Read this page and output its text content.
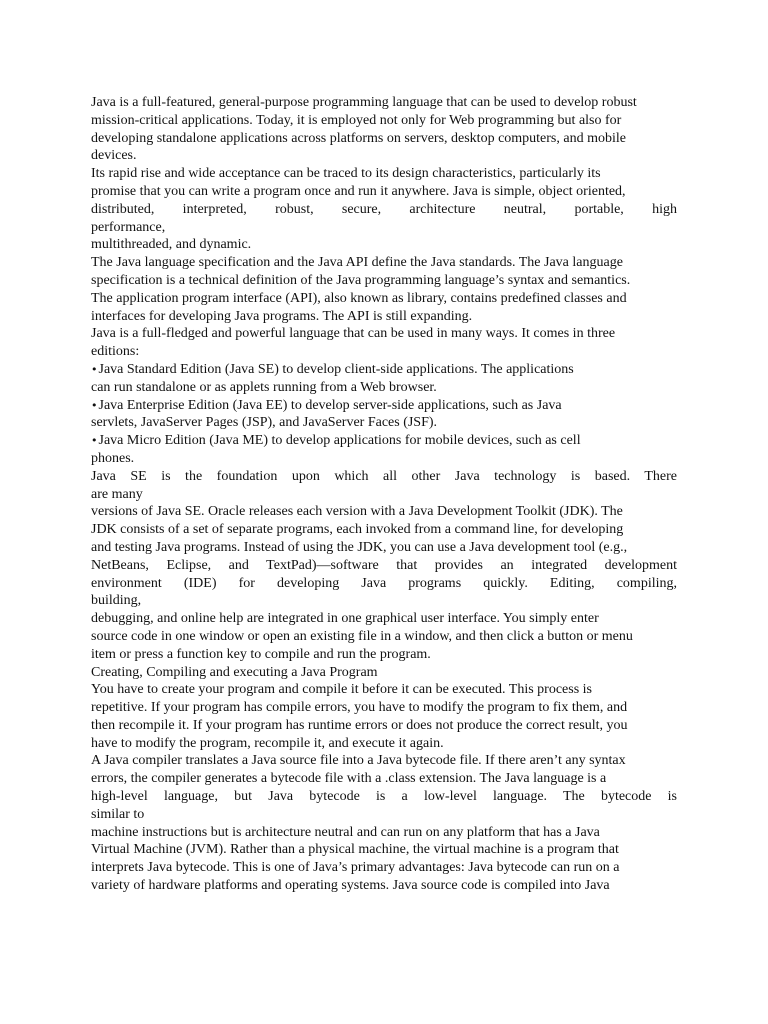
Java is a full-featured, general-purpose programming language that can be used to develop robust
mission-critical applications. Today, it is employed not only for Web programming but also for
developing standalone applications across platforms on servers, desktop computers, and mobile
devices.
Its rapid rise and wide acceptance can be traced to its design characteristics, particularly its
promise that you can write a program once and run it anywhere. Java is simple, object oriented,
distributed, interpreted, robust, secure, architecture neutral, portable, high
performance,
multithreaded, and dynamic.
The Java language specification and the Java API define the Java standards. The Java language
specification is a technical definition of the Java programming language’s syntax and semantics.
The application program interface (API), also known as library, contains predefined classes and
interfaces for developing Java programs. The API is still expanding.
Java is a full-fledged and powerful language that can be used in many ways. It comes in three
editions:
•Java Standard Edition (Java SE) to develop client-side applications. The applications
can run standalone or as applets running from a Web browser.
•Java Enterprise Edition (Java EE) to develop server-side applications, such as Java
servlets, JavaServer Pages (JSP), and JavaServer Faces (JSF).
•Java Micro Edition (Java ME) to develop applications for mobile devices, such as cell
phones.
Java SE is the foundation upon which all other Java technology is based. There
are many
versions of Java SE. Oracle releases each version with a Java Development Toolkit (JDK). The
JDK consists of a set of separate programs, each invoked from a command line, for developing
and testing Java programs. Instead of using the JDK, you can use a Java development tool (e.g.,
NetBeans, Eclipse, and TextPad)—software that provides an integrated development
environment (IDE) for developing Java programs quickly. Editing, compiling,
building,
debugging, and online help are integrated in one graphical user interface. You simply enter
source code in one window or open an existing file in a window, and then click a button or menu
item or press a function key to compile and run the program.
Creating, Compiling and executing a Java Program
You have to create your program and compile it before it can be executed. This process is
repetitive. If your program has compile errors, you have to modify the program to fix them, and
then recompile it. If your program has runtime errors or does not produce the correct result, you
have to modify the program, recompile it, and execute it again.
A Java compiler translates a Java source file into a Java bytecode file. If there aren’t any syntax
errors, the compiler generates a bytecode file with a .class extension. The Java language is a
high-level language, but Java bytecode is a low-level language. The bytecode is
similar to
machine instructions but is architecture neutral and can run on any platform that has a Java
Virtual Machine (JVM). Rather than a physical machine, the virtual machine is a program that
interprets Java bytecode. This is one of Java’s primary advantages: Java bytecode can run on a
variety of hardware platforms and operating systems. Java source code is compiled into Java
